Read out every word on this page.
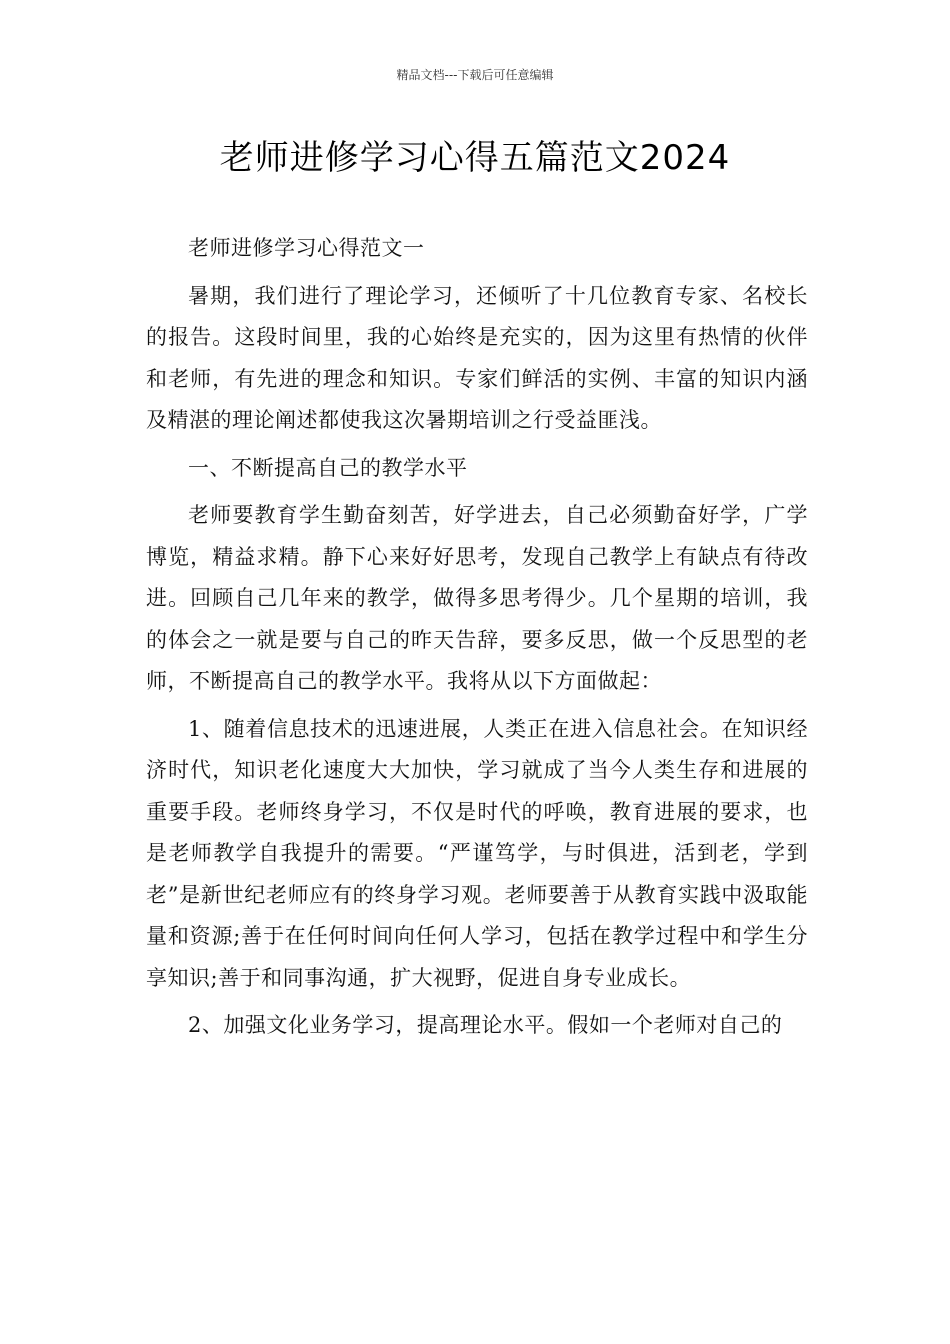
精品文档---下载后可任意编辑
老师进修学习心得五篇范文2024

老师进修学习心得范文一

暑期，我们进行了理论学习，还倾听了十几位教育专家、名校长的报告。这段时间里，我的心始终是充实的，因为这里有热情的伙伴和老师，有先进的理念和知识。专家们鲜活的实例、丰富的知识内涵及精湛的理论阐述都使我这次暑期培训之行受益匪浅。

一、不断提高自己的教学水平

老师要教育学生勤奋刻苦，好学进去，自己必须勤奋好学，广学博览，精益求精。静下心来好好思考，发现自己教学上有缺点有待改进。回顾自己几年来的教学，做得多思考得少。几个星期的培训，我的体会之一就是要与自己的昨天告辞，要多反思，做一个反思型的老师，不断提高自己的教学水平。我将从以下方面做起：

1、随着信息技术的迅速进展，人类正在进入信息社会。在知识经济时代，知识老化速度大大加快，学习就成了当今人类生存和进展的重要手段。老师终身学习，不仅是时代的呼唤，教育进展的要求，也是老师教学自我提升的需要。“严谨笃学，与时俱进，活到老，学到老”是新世纪老师应有的终身学习观。老师要善于从教育实践中汲取能量和资源;善于在任何时间向任何人学习，包括在教学过程中和学生分享知识;善于和同事沟通，扩大视野，促进自身专业成长。

2、加强文化业务学习，提高理论水平。假如一个老师对自己的
